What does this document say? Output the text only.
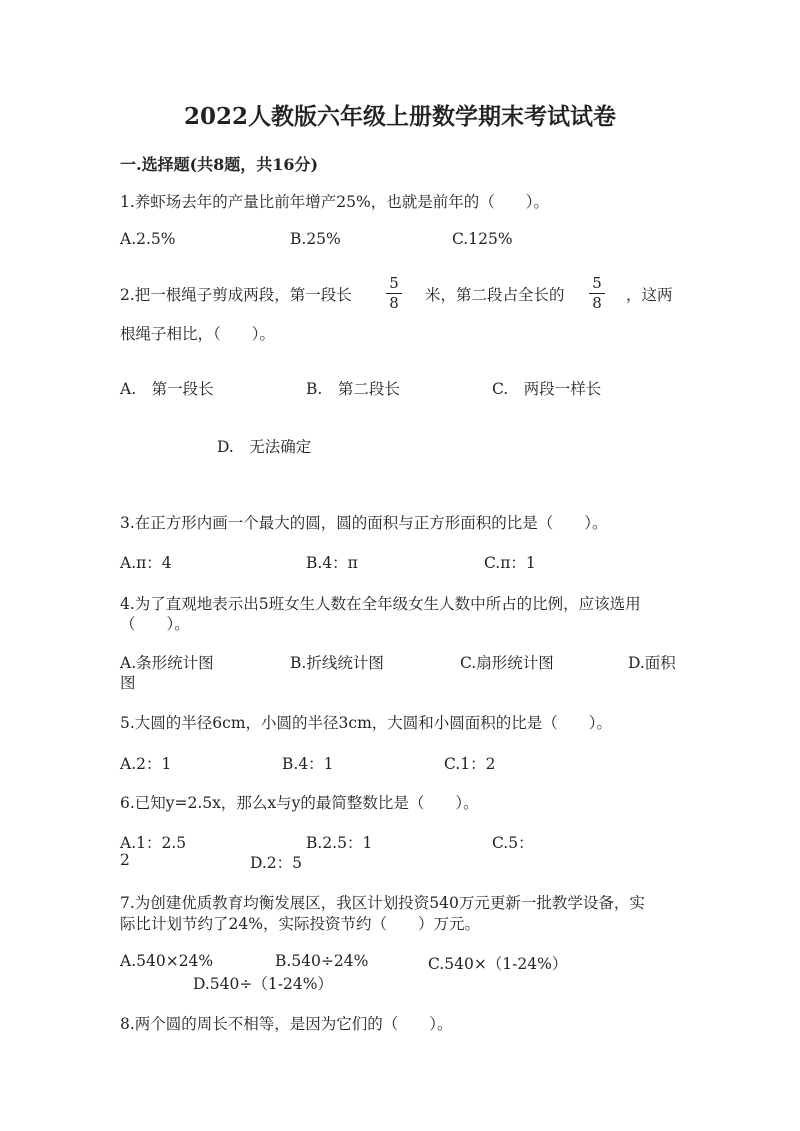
2022人教版六年级上册数学期末考试试卷
一.选择题(共8题，共16分)
1.养虾场去年的产量比前年增产25%，也就是前年的（　　）。
A.2.5%	B.25%	C.125%
2.把一根绳子剪成两段，第一段长
5
8 米，第二段占全长的
5
8 ，这两
根绳子相比，（　　）。
A.　第一段长	B.　第二段长	C.　两段一样长
D.　无法确定
3.在正方形内画一个最大的圆，圆的面积与正方形面积的比是（　　）。
A.π：4	B.4：π	C.π：1
4.为了直观地表示出5班女生人数在全年级女生人数中所占的比例，应该选用
（　　）。
A.条形统计图	B.折线统计图	C.扇形统计图	D.面积
图
5.大圆的半径6cm，小圆的半径3cm，大圆和小圆面积的比是（　　）。
A.2：1	B.4：1	C.1：2
6.已知y=2.5x，那么x与y的最简整数比是（　　）。
A.1：2.5	B.2.5：1	C.5：
2	D.2：5
7.为创建优质教育均衡发展区，我区计划投资540万元更新一批教学设备，实
际比计划节约了24%，实际投资节约（　　）万元。
A.540×24%	B.540÷24%	C.540×（1-24%）
D.540÷（1-24%）
8.两个圆的周长不相等，是因为它们的（　　）。
